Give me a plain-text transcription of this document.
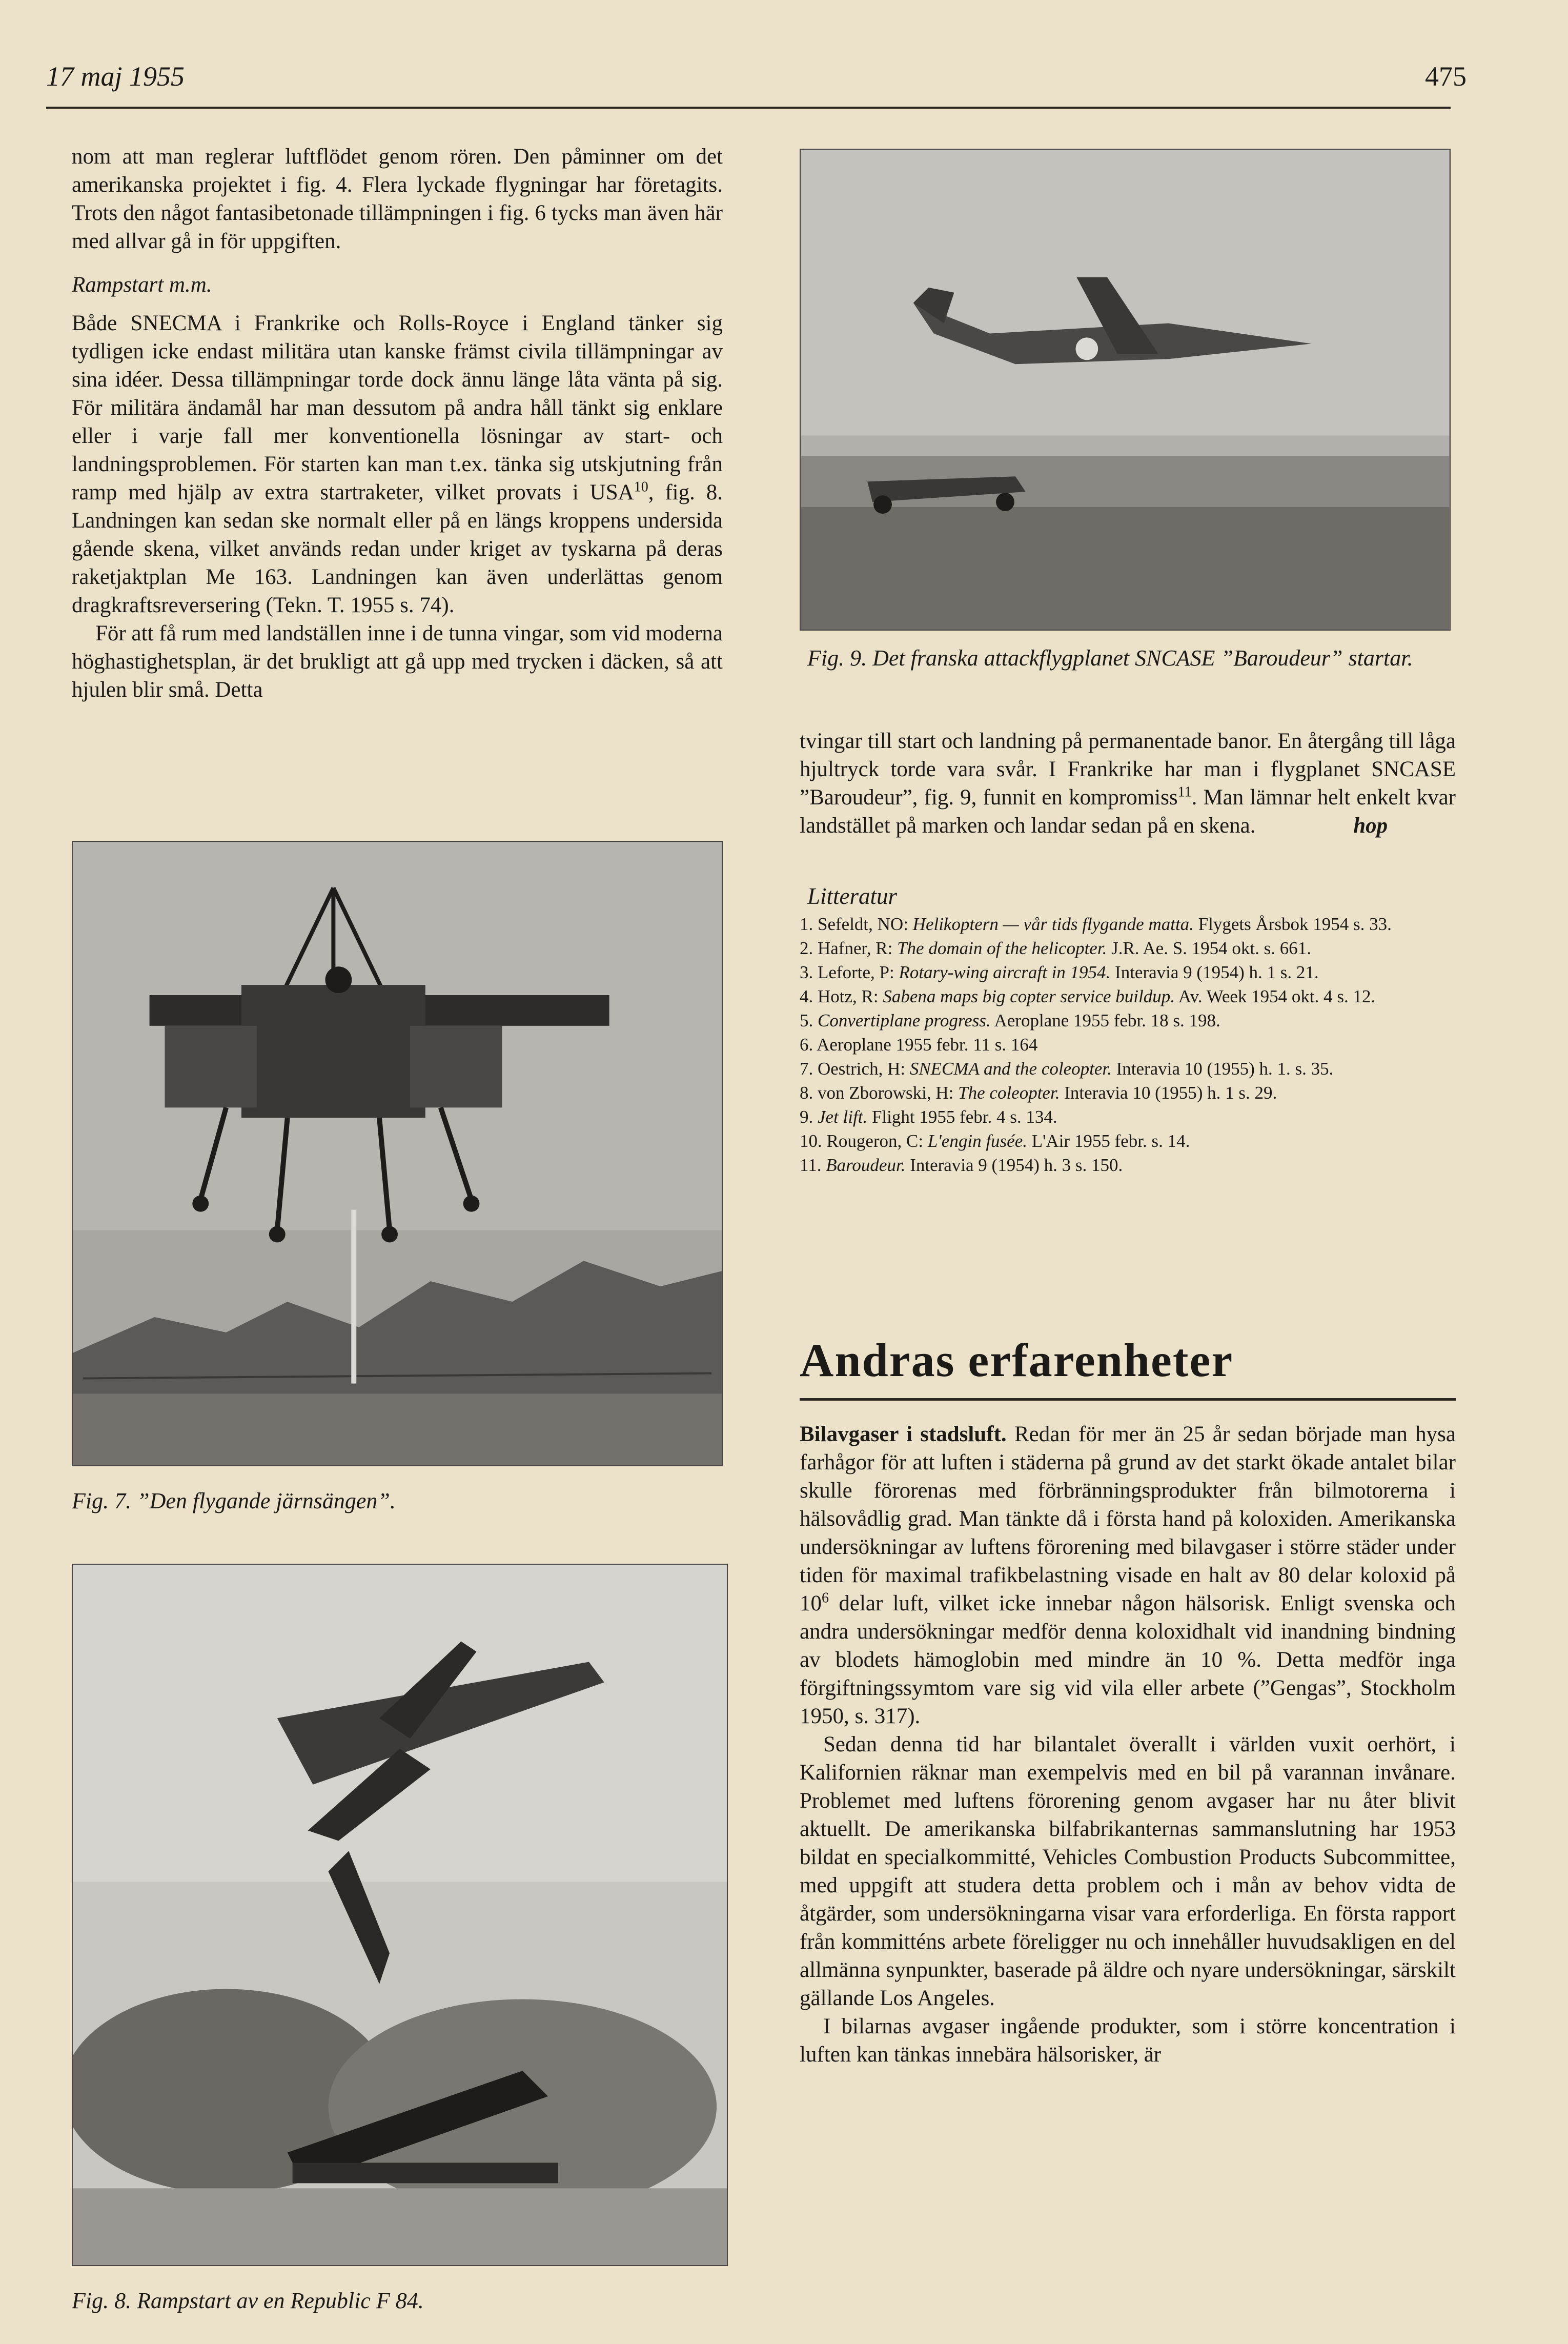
17 maj 1955	475

nom att man reglerar luftflödet genom rören. Den påminner om det amerikanska projektet i fig. 4. Flera lyckade flygningar har företagits. Trots den något fantasibetonade tillämpningen i fig. 6 tycks man även här med allvar gå in för uppgiften.

Rampstart m.m.

Både SNECMA i Frankrike och Rolls-Royce i England tänker sig tydligen icke endast militära utan kanske främst civila tillämpningar av sina idéer. Dessa tillämpningar torde dock ännu länge låta vänta på sig. För militära ändamål har man dessutom på andra håll tänkt sig enklare eller i varje fall mer konventionella lösningar av start- och landningsproblemen. För starten kan man t.ex. tänka sig utskjutning från ramp med hjälp av extra startraketer, vilket provats i USA$^{10}$, fig. 8. Landningen kan sedan ske normalt eller på en längs kroppens undersida gående skena, vilket används redan under kriget av tyskarna på deras raketjaktplan Me 163. Landningen kan även underlättas genom dragkraftsreversering (Tekn. T. 1955 s. 74).

För att få rum med landställen inne i de tunna vingar, som vid moderna höghastighetsplan, är det brukligt att gå upp med trycken i däcken, så att hjulen blir små. Detta

Fig. 7. ”Den flygande järnsängen”.
Fig. 8. Rampstart av en Republic F 84.
Fig. 9. Det franska attackflygplanet SNCASE ”Baroudeur” startar.

tvingar till start och landning på permanentade banor. En återgång till låga hjultryck torde vara svår. I Frankrike har man i flygplanet SNCASE ”Baroudeur”, fig. 9, funnit en kompromiss$^{11}$. Man lämnar helt enkelt kvar landstället på marken och landar sedan på en skena.	hop

Litteratur
1. Sefeldt, NO: Helikoptern — vår tids flygande matta. Flygets Årsbok 1954 s. 33.
2. Hafner, R: The domain of the helicopter. J.R. Ae. S. 1954 okt. s. 661.
3. Leforte, P: Rotary-wing aircraft in 1954. Interavia 9 (1954) h. 1 s. 21.
4. Hotz, R: Sabena maps big copter service buildup. Av. Week 1954 okt. 4 s. 12.
5. Convertiplane progress. Aeroplane 1955 febr. 18 s. 198.
6. Aeroplane 1955 febr. 11 s. 164
7. Oestrich, H: SNECMA and the coleopter. Interavia 10 (1955) h. 1. s. 35.
8. von Zborowski, H: The coleopter. Interavia 10 (1955) h. 1 s. 29.
9. Jet lift. Flight 1955 febr. 4 s. 134.
10. Rougeron, C: L'engin fusée. L'Air 1955 febr. s. 14.
11. Baroudeur. Interavia 9 (1954) h. 3 s. 150.
Andras erfarenheter

Bilavgaser i stadsluft. Redan för mer än 25 år sedan började man hysa farhågor för att luften i städerna på grund av det starkt ökade antalet bilar skulle förorenas med förbränningsprodukter från bilmotorerna i hälsovådlig grad. Man tänkte då i första hand på koloxiden. Amerikanska undersökningar av luftens förorening med bilavgaser i större städer under tiden för maximal trafikbelastning visade en halt av 80 delar koloxid på $10^6$ delar luft, vilket icke innebar någon hälsorisk. Enligt svenska och andra undersökningar medför denna koloxidhalt vid inandning bindning av blodets hämoglobin med mindre än 10 %. Detta medför inga förgiftningssymtom vare sig vid vila eller arbete (”Gengas”, Stockholm 1950, s. 317).

Sedan denna tid har bilantalet överallt i världen vuxit oerhört, i Kalifornien räknar man exempelvis med en bil på varannan invånare. Problemet med luftens förorening genom avgaser har nu åter blivit aktuellt. De amerikanska bilfabrikanternas sammanslutning har 1953 bildat en specialkommitté, Vehicles Combustion Products Subcommittee, med uppgift att studera detta problem och i mån av behov vidta de åtgärder, som undersökningarna visar vara erforderliga. En första rapport från kommitténs arbete föreligger nu och innehåller huvudsakligen en del allmänna synpunkter, baserade på äldre och nyare undersökningar, särskilt gällande Los Angeles.

I bilarnas avgaser ingående produkter, som i större koncentration i luften kan tänkas innebära hälsorisker, är
